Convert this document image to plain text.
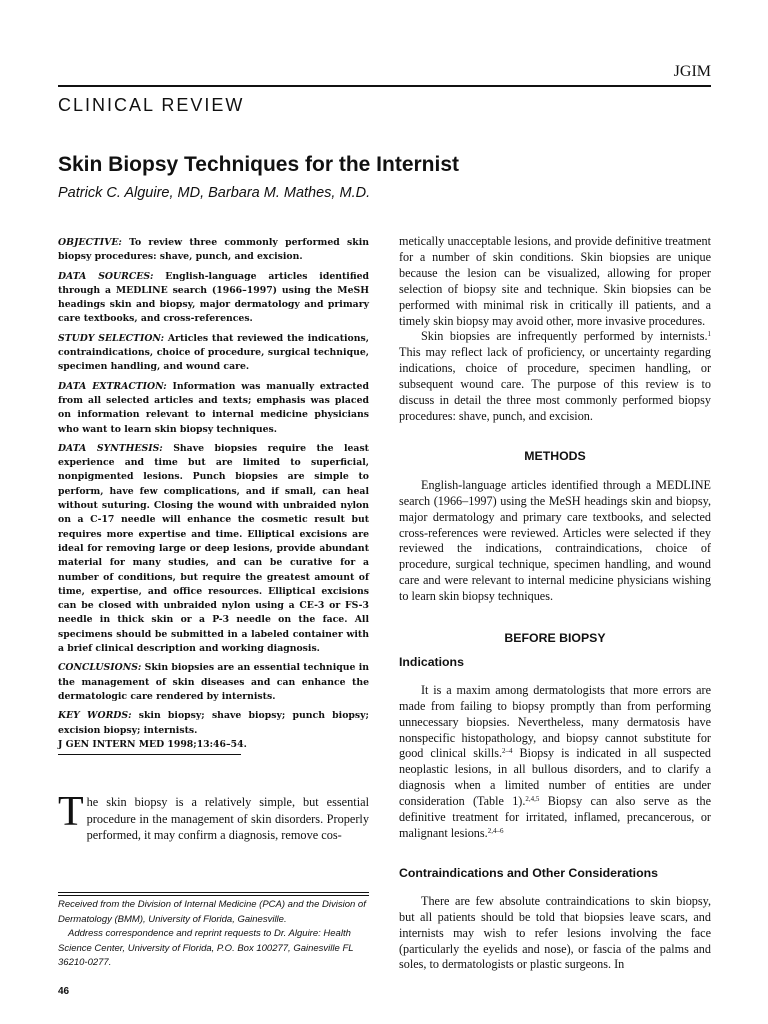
JGIM
CLINICAL REVIEW
Skin Biopsy Techniques for the Internist
Patrick C. Alguire, MD, Barbara M. Mathes, M.D.

OBJECTIVE: To review three commonly performed skin biopsy procedures: shave, punch, and excision.

DATA SOURCES: English-language articles identified through a MEDLINE search (1966–1997) using the MeSH headings skin and biopsy, major dermatology and primary care textbooks, and cross-references.

STUDY SELECTION: Articles that reviewed the indications, contraindications, choice of procedure, surgical technique, specimen handling, and wound care.

DATA EXTRACTION: Information was manually extracted from all selected articles and texts; emphasis was placed on information relevant to internal medicine physicians who want to learn skin biopsy techniques.

DATA SYNTHESIS: Shave biopsies require the least experience and time but are limited to superficial, nonpigmented lesions. Punch biopsies are simple to perform, have few complications, and if small, can heal without suturing. Closing the wound with unbraided nylon on a C-17 needle will enhance the cosmetic result but requires more expertise and time. Elliptical excisions are ideal for removing large or deep lesions, provide abundant material for many studies, and can be curative for a number of conditions, but require the greatest amount of time, expertise, and office resources. Elliptical excisions can be closed with unbraided nylon using a CE-3 or FS-3 needle in thick skin or a P-3 needle on the face. All specimens should be submitted in a labeled container with a brief clinical description and working diagnosis.

CONCLUSIONS: Skin biopsies are an essential technique in the management of skin diseases and can enhance the dermatologic care rendered by internists.

KEY WORDS: skin biopsy; shave biopsy; punch biopsy; excision biopsy; internists.

J GEN INTERN MED 1998;13:46–54.

The skin biopsy is a relatively simple, but essential procedure in the management of skin disorders. Properly performed, it may confirm a diagnosis, remove cos-

Received from the Division of Internal Medicine (PCA) and the Division of Dermatology (BMM), University of Florida, Gainesville.

Address correspondence and reprint requests to Dr. Alguire: Health Science Center, University of Florida, P.O. Box 100277, Gainesville FL 36210-0277.

46

metically unacceptable lesions, and provide definitive treatment for a number of skin conditions. Skin biopsies are unique because the lesion can be visualized, allowing for proper selection of biopsy site and technique. Skin biopsies can be performed with minimal risk in critically ill patients, and a timely skin biopsy may avoid other, more invasive procedures.

Skin biopsies are infrequently performed by internists.$^1$ This may reflect lack of proficiency, or uncertainty regarding indications, choice of procedure, specimen handling, or subsequent wound care. The purpose of this review is to discuss in detail the three most commonly performed biopsy procedures: shave, punch, and excision.

METHODS

English-language articles identified through a MEDLINE search (1966–1997) using the MeSH headings skin and biopsy, major dermatology and primary care textbooks, and selected cross-references were reviewed. Articles were selected if they reviewed the indications, contraindications, choice of procedure, surgical technique, specimen handling, and wound care and were relevant to internal medicine physicians wishing to learn skin biopsy techniques.

BEFORE BIOPSY
Indications

It is a maxim among dermatologists that more errors are made from failing to biopsy promptly than from performing unnecessary biopsies. Nevertheless, many dermatosis have nonspecific histopathology, and biopsy cannot substitute for good clinical skills.$^{2-4}$ Biopsy is indicated in all suspected neoplastic lesions, in all bullous disorders, and to clarify a diagnosis when a limited number of entities are under consideration (Table 1).$^{2,4,5}$ Biopsy can also serve as the definitive treatment for irritated, inflamed, precancerous, or malignant lesions.$^{2,4-6}$

Contraindications and Other Considerations

There are few absolute contraindications to skin biopsy, but all patients should be told that biopsies leave scars, and internists may wish to refer lesions involving the face (particularly the eyelids and nose), or fascia of the palms and soles, to dermatologists or plastic surgeons. In
